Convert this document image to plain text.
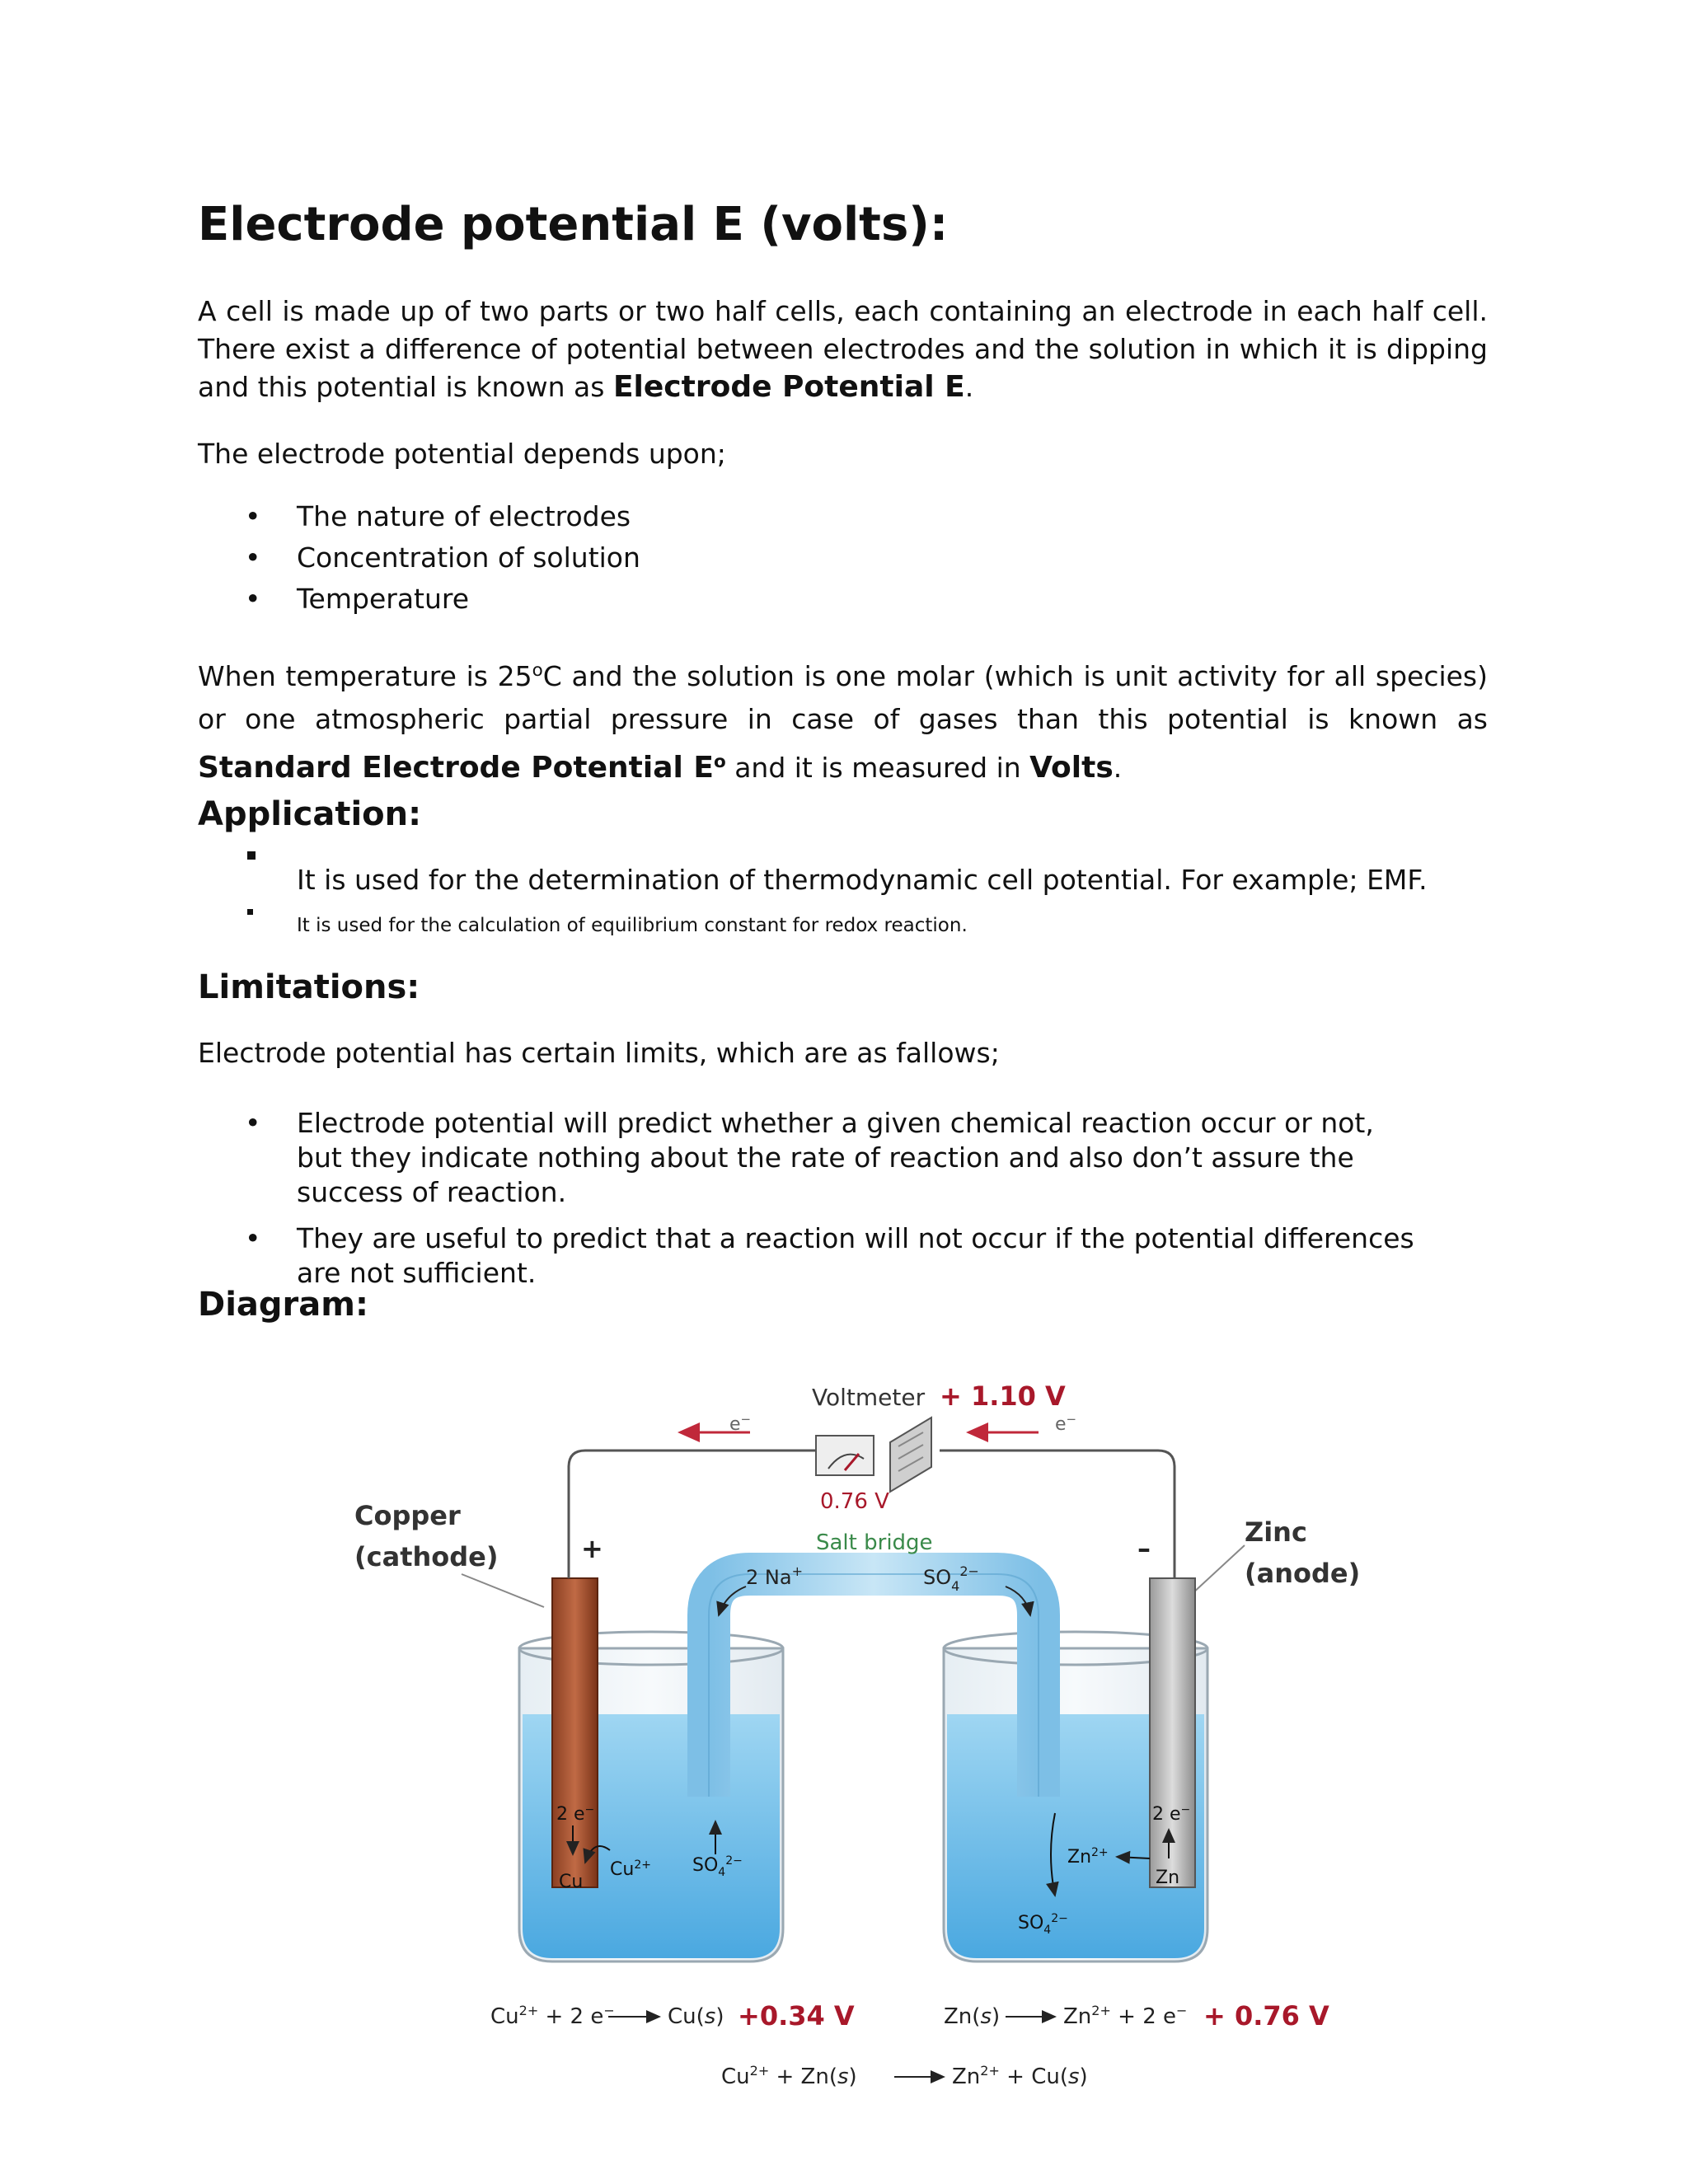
Electrode potential E (volts):

A cell is made up of two parts or two half cells, each containing an electrode in each half cell. There exist a difference of potential between electrodes and the solution in which it is dipping and this potential is known as Electrode Potential E.

The electrode potential depends upon;

• The nature of electrodes
• Concentration of solution
• Temperature

When temperature is 25$^o$C and the solution is one molar (which is unit activity for all species) or one atmospheric partial pressure in case of gases than this potential is known as Standard Electrode Potential $E^o$ and it is measured in Volts.

Application:

It is used for the determination of thermodynamic cell potential. For example; EMF.

It is used for the calculation of equilibrium constant for redox reaction.

Limitations:

Electrode potential has certain limits, which are as fallows;

• Electrode potential will predict whether a given chemical reaction occur or not, but they indicate nothing about the rate of reaction and also don’t assure the success of reaction.
• They are useful to predict that a reaction will not occur if the potential differences are not sufficient.
Diagram:
Voltmeter + 1.10 V
e−	e−
0.76 V
Copper
(cathode)
Zinc
(anode)
+	–
Salt bridge
2 Na+	$SO_4^{2-}$
2 e−
Cu
$Cu^{2+}$ $SO_4^{2-}$
2 e−
Zn
$Zn^{2+}$
$SO_4^{2-}$
$Cu^{2+} + 2$ e− Cu(s) +0.34 V	Zn(s)	$Zn^{2+} + 2$ e− + 0.76 V
$Cu^{2+} + Zn(s)$	$Zn^{2+} + Cu(s)$
